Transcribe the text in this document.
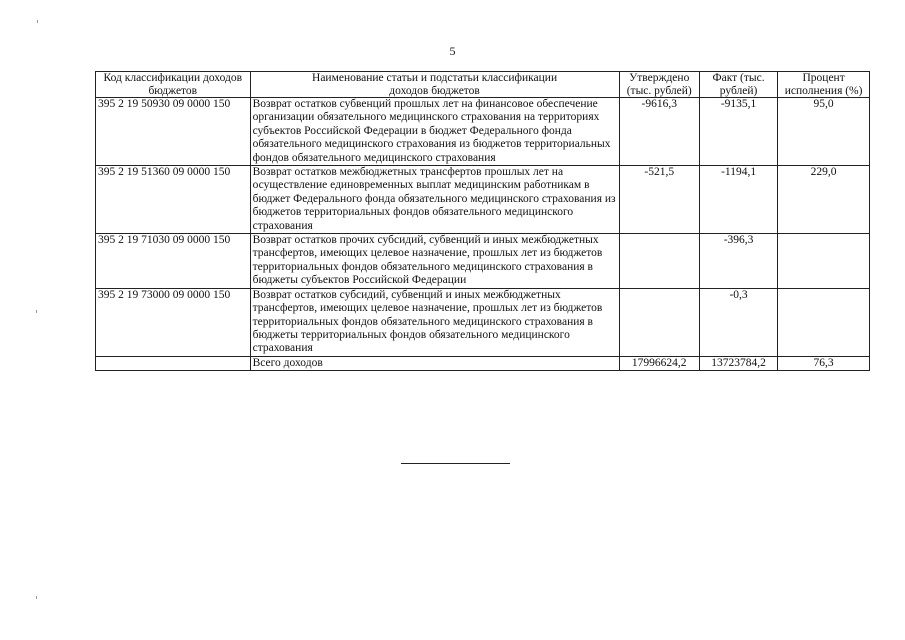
5
Код классификации доходов бюджетов	Наименование статьи и подстатьи классификации доходов бюджетов	Утверждено (тыс. рублей)	Факт (тыс. рублей)	Процент исполнения (%)
395 2 19 50930 09 0000 150	Возврат остатков субвенций прошлых лет на финансовое обеспечение организации обязательного медицинского страхования на территориях субъектов Российской Федерации в бюджет Федерального фонда обязательного медицинского страхования из бюджетов территориальных фондов обязательного медицинского страхования	-9616,3	-9135,1	95,0
395 2 19 51360 09 0000 150	Возврат остатков межбюджетных трансфертов прошлых лет на осуществление единовременных выплат медицинским работникам в бюджет Федерального фонда обязательного медицинского страхования из бюджетов территориальных фондов обязательного медицинского страхования	-521,5	-1194,1	229,0
395 2 19 71030 09 0000 150	Возврат остатков прочих субсидий, субвенций и иных межбюджетных трансфертов, имеющих целевое назначение, прошлых лет из бюджетов территориальных фондов обязательного медицинского страхования в бюджеты субъектов Российской Федерации		-396,3	
395 2 19 73000 09 0000 150	Возврат остатков субсидий, субвенций и иных межбюджетных трансфертов, имеющих целевое назначение, прошлых лет из бюджетов территориальных фондов обязательного медицинского страхования в бюджеты территориальных фондов обязательного медицинского страхования		-0,3	
	Всего доходов	17996624,2	13723784,2	76,3
